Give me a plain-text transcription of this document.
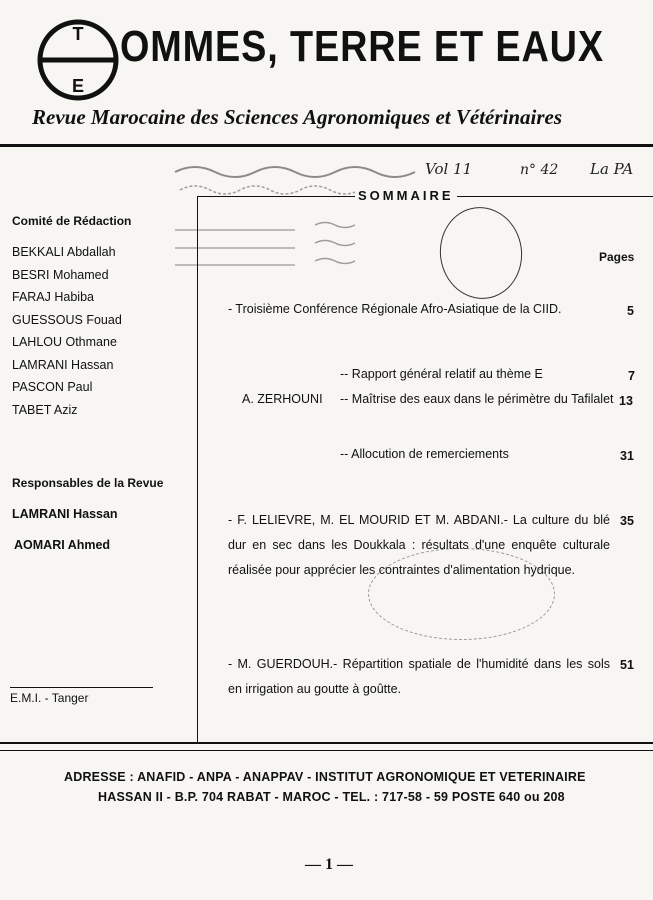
T
E
OMMES, TERRE ET EAUX
Revue Marocaine des Sciences Agronomiques et Vétérinaires
Vol 11	n° 42 La PA
Comité de Rédaction
BEKKALI Abdallah
BESRI Mohamed
FARAJ Habiba
GUESSOUS Fouad
LAHLOU Othmane
LAMRANI Hassan
PASCON Paul
TABET Aziz
Responsables de la Revue
LAMRANI Hassan
AOMARI Ahmed
E.M.I. - Tanger
SOMMAIRE
Pages
- Troisième Conférence Régionale Afro-Asiatique de la CIID.	5
-- Rapport général relatif au thème E	7
A. ZERHOUNI -- Maîtrise des eaux dans le périmètre du Tafilalet 13
-- Allocution de remerciements	31
- F. LELIEVRE, M. EL MOURID ET M. ABDANI.- La culture du blé dur en sec dans les Doukkala : résultats d'une enquête culturale réalisée pour apprécier les contraintes d'alimentation hydrique.
35
- M. GUERDOUH.- Répartition spatiale de l'humidité dans les sols en irrigation au goutte à goûtte.
51
ADRESSE : ANAFID - ANPA - ANAPPAV - INSTITUT AGRONOMIQUE ET VETERINAIRE
HASSAN II - B.P. 704 RABAT - MAROC - TEL. : 717-58 - 59 POSTE 640 ou 208
— 1 —
